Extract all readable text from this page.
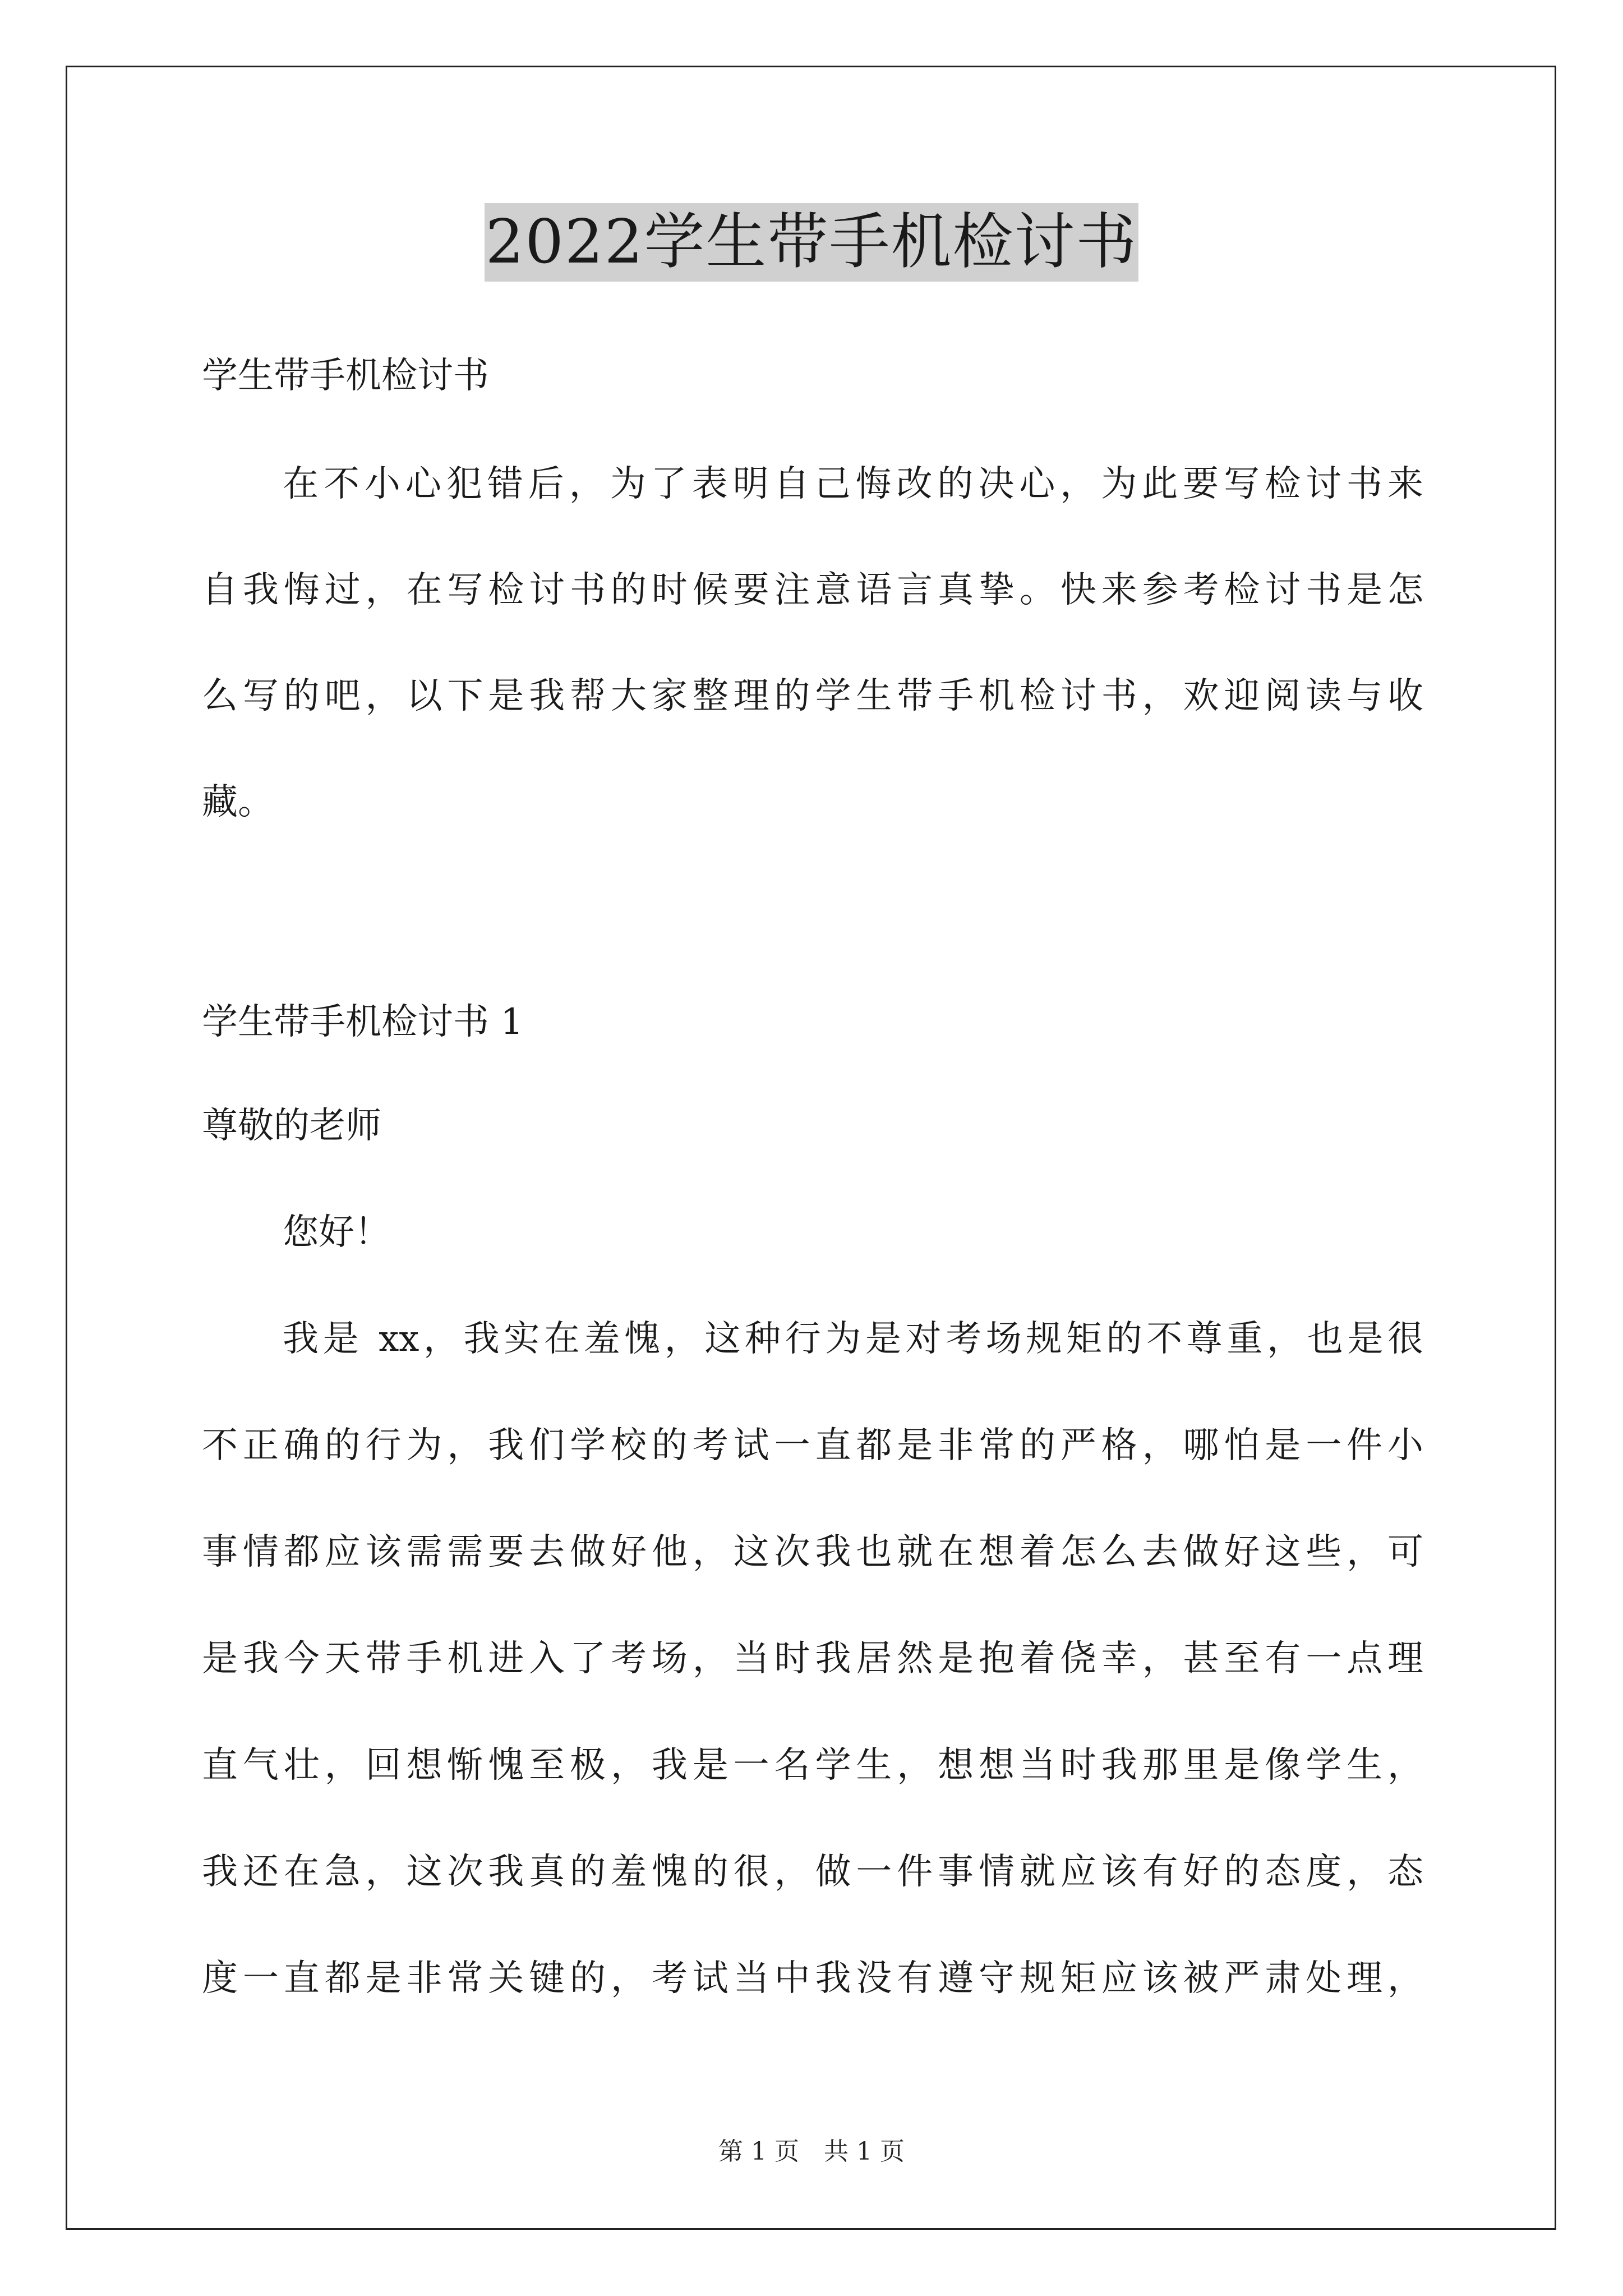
2022学生带手机检讨书
学生带手机检讨书
在不小心犯错后，为了表明自己悔改的决心，为此要写检讨书来
自我悔过，在写检讨书的时候要注意语言真挚。快来参考检讨书是怎
么写的吧，以下是我帮大家整理的学生带手机检讨书，欢迎阅读与收
藏。
学生带手机检讨书 1
尊敬的老师
您好！
我是 xx，我实在羞愧，这种行为是对考场规矩的不尊重，也是很
不正确的行为，我们学校的考试一直都是非常的严格，哪怕是一件小
事情都应该需需要去做好他，这次我也就在想着怎么去做好这些，可
是我今天带手机进入了考场，当时我居然是抱着侥幸，甚至有一点理
直气壮，回想惭愧至极，我是一名学生，想想当时我那里是像学生，
我还在急，这次我真的羞愧的很，做一件事情就应该有好的态度，态
度一直都是非常关键的，考试当中我没有遵守规矩应该被严肃处理，
第 1 页 共 1 页
